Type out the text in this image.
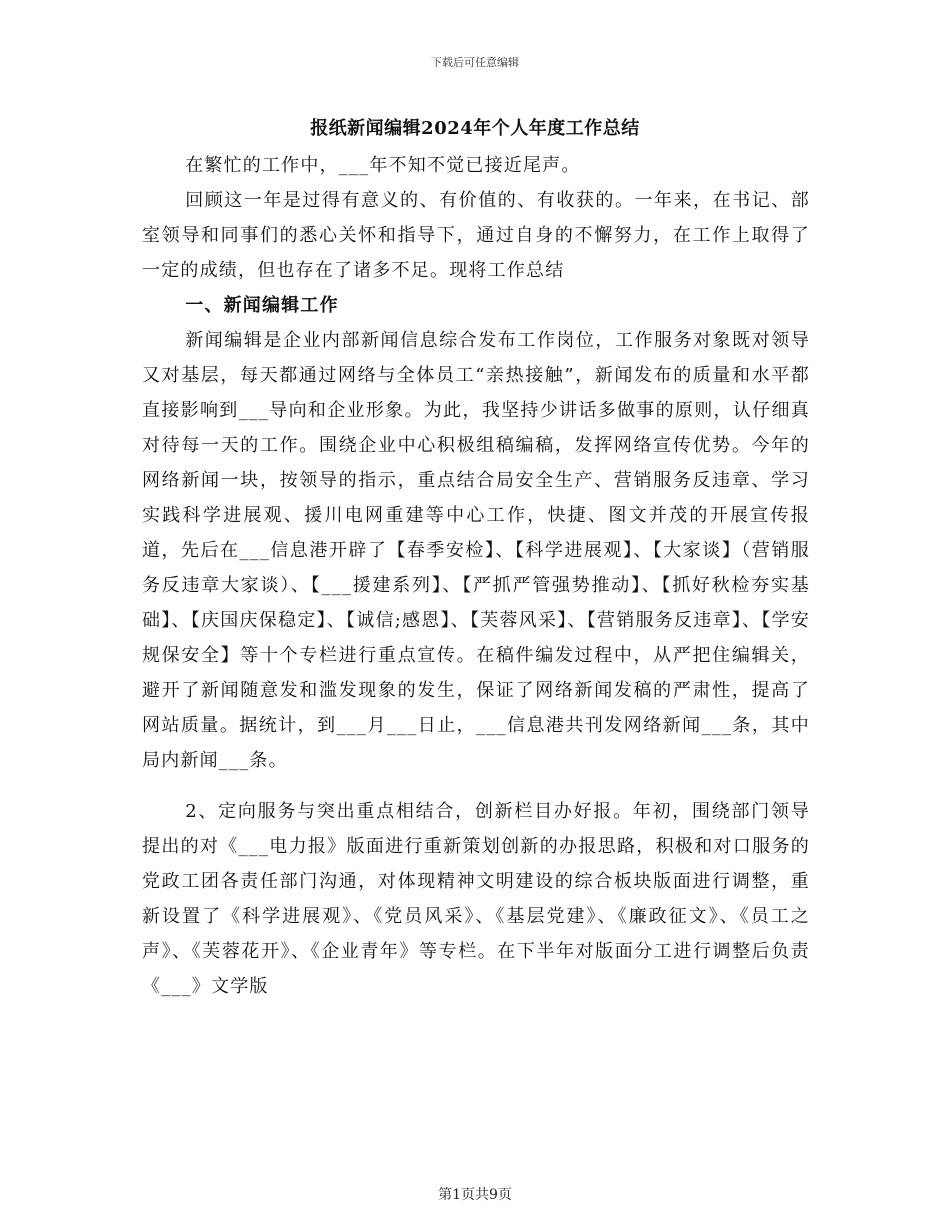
下载后可任意编辑
报纸新闻编辑2024年个人年度工作总结

在繁忙的工作中，___年不知不觉已接近尾声。

回顾这一年是过得有意义的、有价值的、有收获的。一年来，在书记、部室领导和同事们的悉心关怀和指导下，通过自身的不懈努力，在工作上取得了一定的成绩，但也存在了诸多不足。现将工作总结

一、新闻编辑工作

新闻编辑是企业内部新闻信息综合发布工作岗位，工作服务对象既对领导又对基层，每天都通过网络与全体员工“亲热接触”，新闻发布的质量和水平都直接影响到___导向和企业形象。为此，我坚持少讲话多做事的原则，认仔细真对待每一天的工作。围绕企业中心积极组稿编稿，发挥网络宣传优势。今年的网络新闻一块，按领导的指示，重点结合局安全生产、营销服务反违章、学习实践科学进展观、援川电网重建等中心工作，快捷、图文并茂的开展宣传报道，先后在___信息港开辟了【春季安检】、【科学进展观】、【大家谈】（营销服务反违章大家谈）、【___援建系列】、【严抓严管强势推动】、【抓好秋检夯实基础】、【庆国庆保稳定】、【诚信;感恩】、【芙蓉风采】、【营销服务反违章】、【学安规保安全】等十个专栏进行重点宣传。在稿件编发过程中，从严把住编辑关，避开了新闻随意发和滥发现象的发生，保证了网络新闻发稿的严肃性，提高了网站质量。据统计，到___月___日止，___信息港共刊发网络新闻___条，其中局内新闻___条。

2、定向服务与突出重点相结合，创新栏目办好报。年初，围绕部门领导提出的对《___电力报》版面进行重新策划创新的办报思路，积极和对口服务的党政工团各责任部门沟通，对体现精神文明建设的综合板块版面进行调整，重新设置了《科学进展观》、《党员风采》、《基层党建》、《廉政征文》、《员工之声》、《芙蓉花开》、《企业青年》等专栏。在下半年对版面分工进行调整后负责《___》文学版

第1页共9页
